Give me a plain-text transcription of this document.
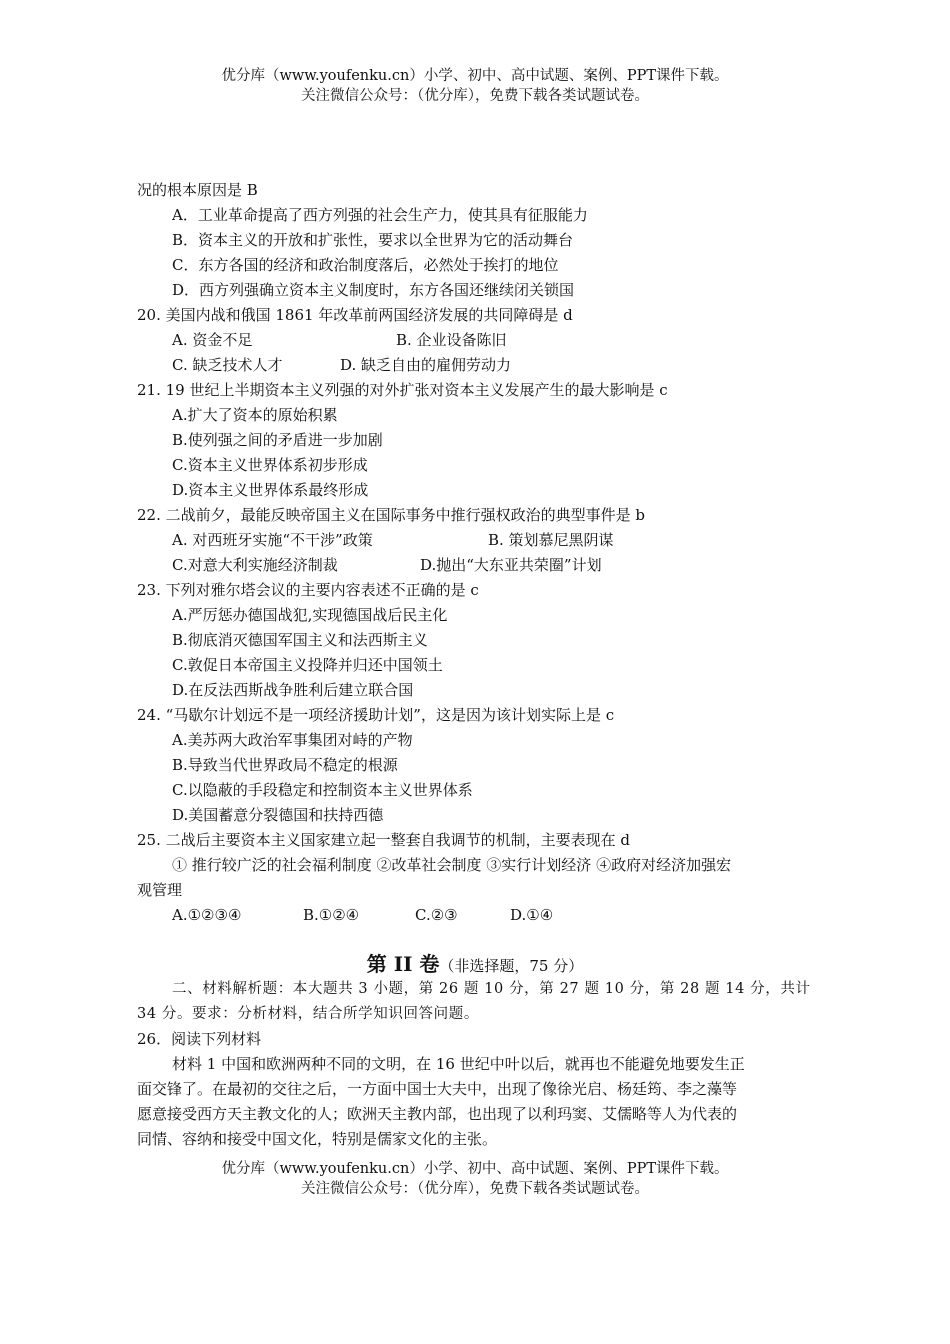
优分库（www.youfenku.cn）小学、初中、高中试题、案例、PPT课件下载。
关注微信公众号：（优分库），免费下载各类试题试卷。
况的根本原因是 B
A．工业革命提高了西方列强的社会生产力，使其具有征服能力
B．资本主义的开放和扩张性，要求以全世界为它的活动舞台
C．东方各国的经济和政治制度落后，必然处于挨打的地位
D．西方列强确立资本主义制度时，东方各国还继续闭关锁国
20. 美国内战和俄国 1861 年改革前两国经济发展的共同障碍是 d
A. 资金不足	B. 企业设备陈旧
C. 缺乏技术人才	D. 缺乏自由的雇佣劳动力
21. 19 世纪上半期资本主义列强的对外扩张对资本主义发展产生的最大影响是 c
A.扩大了资本的原始积累
B.使列强之间的矛盾进一步加剧
C.资本主义世界体系初步形成
D.资本主义世界体系最终形成
22. 二战前夕，最能反映帝国主义在国际事务中推行强权政治的典型事件是 b
A. 对西班牙实施“不干涉”政策	B. 策划慕尼黑阴谋
C.对意大利实施经济制裁	D.抛出“大东亚共荣圈”计划
23. 下列对雅尔塔会议的主要内容表述不正确的是 c
A.严厉惩办德国战犯,实现德国战后民主化
B.彻底消灭德国军国主义和法西斯主义
C.敦促日本帝国主义投降并归还中国领土
D.在反法西斯战争胜利后建立联合国
24. “马歇尔计划远不是一项经济援助计划”，这是因为该计划实际上是 c
A.美苏两大政治军事集团对峙的产物
B.导致当代世界政局不稳定的根源
C.以隐蔽的手段稳定和控制资本主义世界体系
D.美国蓄意分裂德国和扶持西德
25. 二战后主要资本主义国家建立起一整套自我调节的机制，主要表现在 d
① 推行较广泛的社会福利制度 ②改革社会制度 ③实行计划经济 ④政府对经济加强宏
观管理
A.①②③④	B.①②④	C.②③	D.①④
第 II 卷（非选择题，75 分）
二、材料解析题：本大题共 3 小题，第 26 题 10 分，第 27 题 10 分，第 28 题 14 分，共计
34 分。要求：分析材料，结合所学知识回答问题。
26．阅读下列材料
材料 1 中国和欧洲两种不同的文明，在 16 世纪中叶以后，就再也不能避免地要发生正
面交锋了。在最初的交往之后，一方面中国士大夫中，出现了像徐光启、杨廷筠、李之藻等
愿意接受西方天主教文化的人；欧洲天主教内部，也出现了以利玛窦、艾儒略等人为代表的
同情、容纳和接受中国文化，特别是儒家文化的主张。
优分库（www.youfenku.cn）小学、初中、高中试题、案例、PPT课件下载。
关注微信公众号：（优分库），免费下载各类试题试卷。
